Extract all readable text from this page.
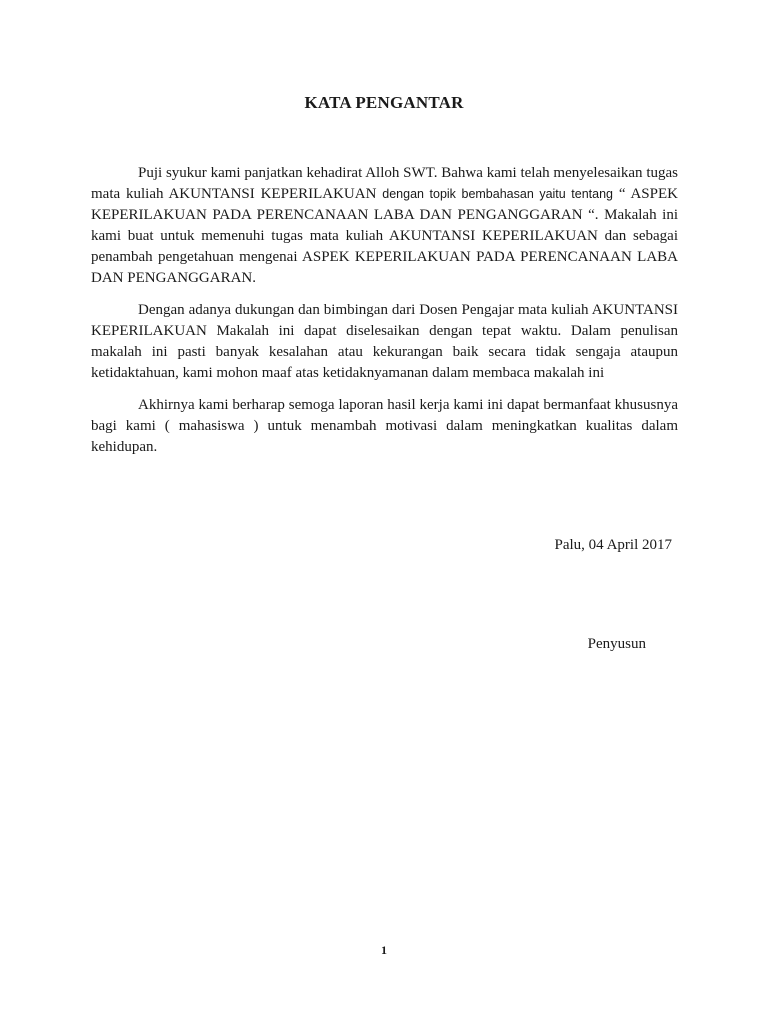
KATA PENGANTAR

Puji syukur kami panjatkan kehadirat Alloh SWT. Bahwa kami telah menyelesaikan tugas mata kuliah AKUNTANSI KEPERILAKUAN dengan topik bembahasan yaitu tentang “ ASPEK KEPERILAKUAN PADA PERENCANAAN LABA DAN PENGANGGARAN “. Makalah ini kami buat untuk memenuhi tugas mata kuliah AKUNTANSI KEPERILAKUAN dan sebagai penambah pengetahuan mengenai ASPEK KEPERILAKUAN PADA PERENCANAAN LABA DAN PENGANGGARAN.

Dengan adanya dukungan dan bimbingan dari Dosen Pengajar mata kuliah AKUNTANSI KEPERILAKUAN Makalah ini dapat diselesaikan dengan tepat waktu. Dalam penulisan makalah ini pasti banyak kesalahan atau kekurangan baik secara tidak sengaja ataupun ketidaktahuan, kami mohon maaf atas ketidaknyamanan dalam membaca makalah ini

Akhirnya kami berharap semoga laporan hasil kerja kami ini dapat bermanfaat khususnya bagi kami ( mahasiswa ) untuk menambah motivasi dalam meningkatkan kualitas dalam kehidupan.

Palu, 04 April 2017
Penyusun
1
